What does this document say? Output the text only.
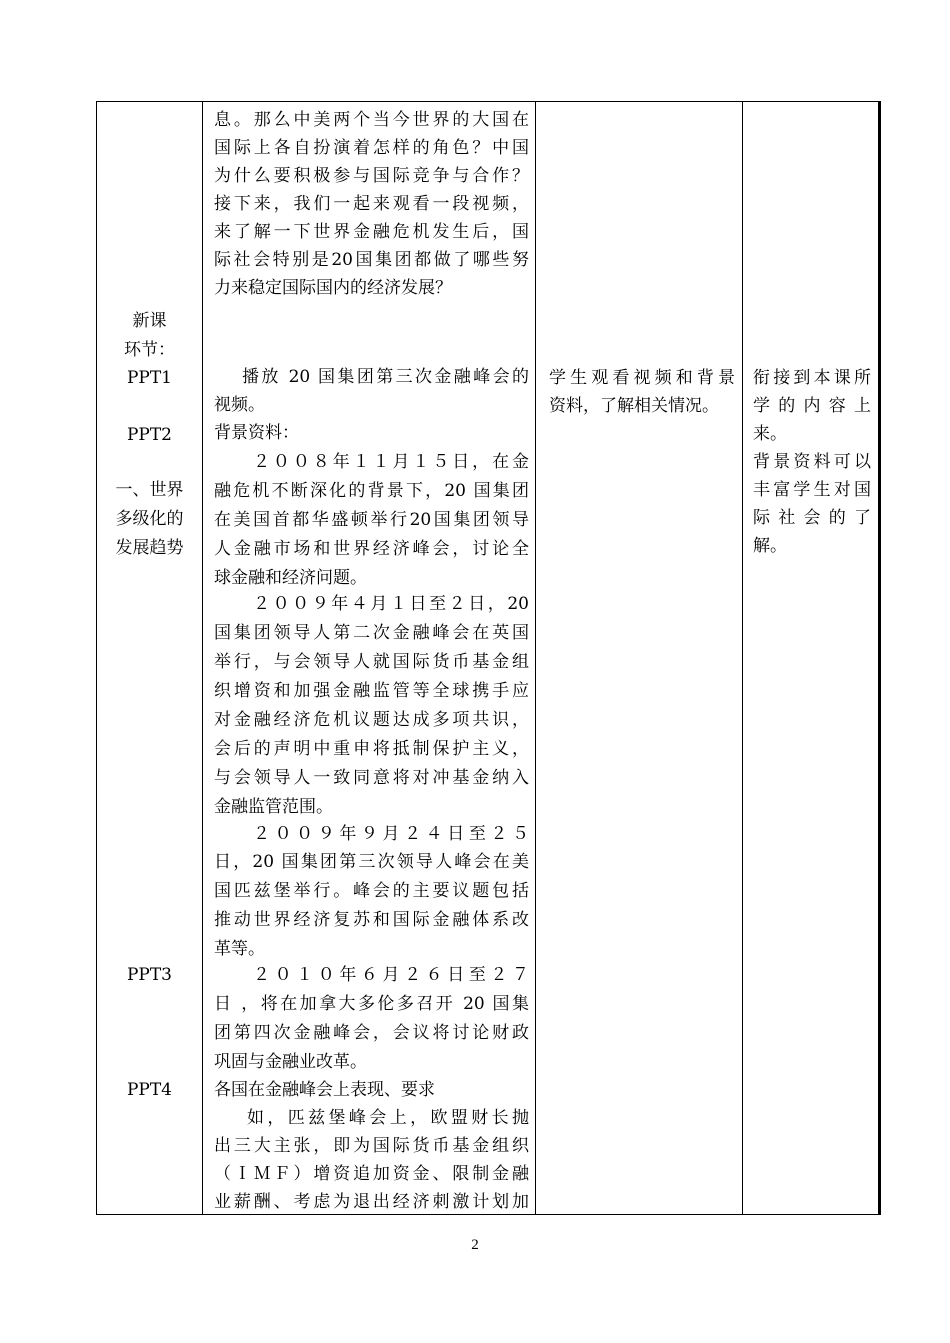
新课
环节：
PPT1
PPT2
一、世界
多级化的
发展趋势
PPT3
PPT4
息。那么中美两个当今世界的大国在
国际上各自扮演着怎样的角色？中国
为什么要积极参与国际竞争与合作？
接下来，我们一起来观看一段视频，
来了解一下世界金融危机发生后，国
际社会特别是20国集团都做了哪些努
力来稳定国际国内的经济发展？
播放 20 国集团第三次金融峰会的
视频。
背景资料：
２００８年１１月１５日，在金
融危机不断深化的背景下，20 国集团
在美国首都华盛顿举行20国集团领导
人金融市场和世界经济峰会，讨论全
球金融和经济问题。
２００９年４月１日至２日，20
国集团领导人第二次金融峰会在英国
举行，与会领导人就国际货币基金组
织增资和加强金融监管等全球携手应
对金融经济危机议题达成多项共识，
会后的声明中重申将抵制保护主义，
与会领导人一致同意将对冲基金纳入
金融监管范围。
２００９年９月２４日至２５
日，20 国集团第三次领导人峰会在美
国匹兹堡举行。峰会的主要议题包括
推动世界经济复苏和国际金融体系改
革等。
２０１０年６月２６日至２７
日 ，将在加拿大多伦多召开 20 国集
团第四次金融峰会，会议将讨论财政
巩固与金融业改革。
各国在金融峰会上表现、要求
如，匹兹堡峰会上，欧盟财长抛
出三大主张，即为国际货币基金组织
（ＩＭＦ）增资追加资金、限制金融
业薪酬、考虑为退出经济刺激计划加
学生观看视频和背景
资料，了解相关情况。
衔接到本课所
学的内容上
来。
背景资料可以
丰富学生对国
际社会的了
解。
2
